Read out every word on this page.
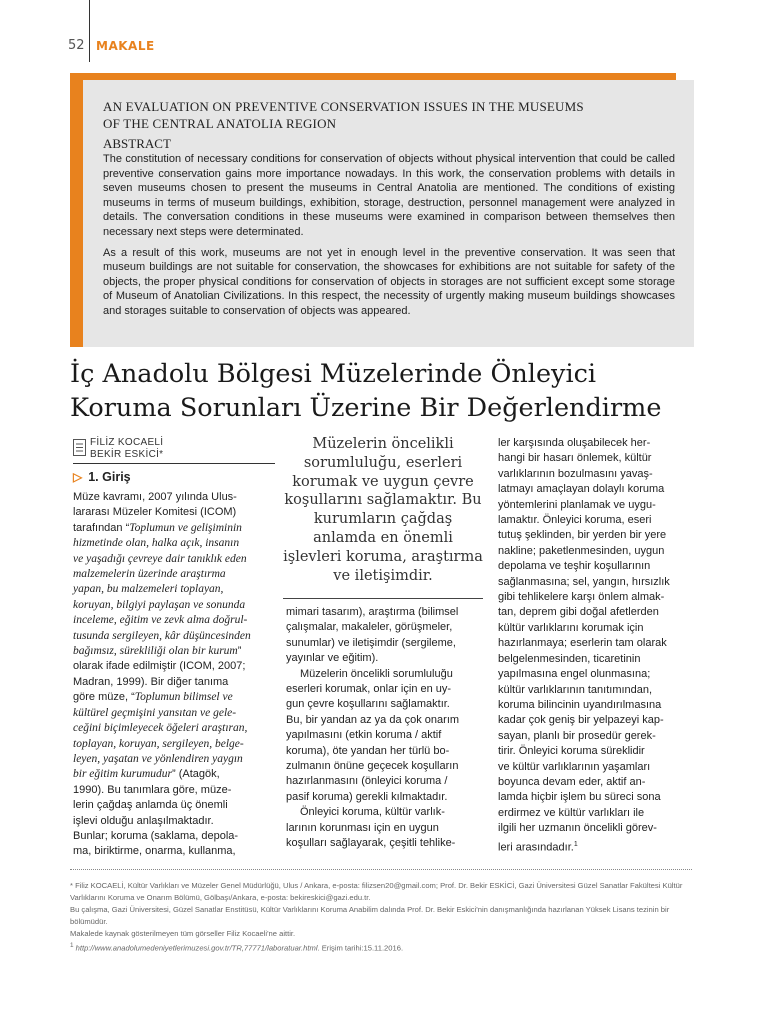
52 MAKALE

AN EVALUATION ON PREVENTIVE CONSERVATION ISSUES IN THE MUSEUMS
OF THE CENTRAL ANATOLIA REGION

ABSTRACT

The constitution of necessary conditions for conservation of objects without physical intervention that could be called preventive conservation gains more importance nowadays. In this work, the conservation problems with details in seven museums chosen to present the museums in Central Anatolia are mentioned. The conditions of existing museums in terms of museum buildings, exhibition, storage, destruction, personnel management were analyzed in details. The conversation conditions in these museums were examined in comparison between themselves then necessary next steps were determinated.

As a result of this work, museums are not yet in enough level in the preventive conservation. It was seen that museum buildings are not suitable for conservation, the showcases for exhibitions are not suitable for safety of the objects, the proper physical conditions for conservation of objects in storages are not sufficient except some storage of Museum of Anatolian Civilizations. In this respect, the necessity of urgently making museum buildings showcases and storages suitable to conservation of objects was appeared.

İç Anadolu Bölgesi Müzelerinde Önleyici
Koruma Sorunları Üzerine Bir Değerlendirme
FİLİZ KOCAELİ
BEKİR ESKİCİ*
▷ 1. Giriş
Müze kavramı, 2007 yılında Ulus-
lararası Müzeler Komitesi (ICOM)
tarafından “Toplumun ve gelişiminin
hizmetinde olan, halka açık, insanın
ve yaşadığı çevreye dair tanıklık eden
malzemelerin üzerinde araştırma
yapan, bu malzemeleri toplayan,
koruyan, bilgiyi paylaşan ve sonunda
inceleme, eğitim ve zevk alma doğrul-
tusunda sergileyen, kâr düşüncesinden
bağımsız, sürekliliği olan bir kurum”
olarak ifade edilmiştir (ICOM, 2007;
Madran, 1999). Bir diğer tanıma
göre müze, “Toplumun bilimsel ve
kültürel geçmişini yansıtan ve gele-
ceğini biçimleyecek öğeleri araştıran,
toplayan, koruyan, sergileyen, belge-
leyen, yaşatan ve yönlendiren yaygın
bir eğitim kurumudur” (Atagök,
1990). Bu tanımlara göre, müze-
lerin çağdaş anlamda üç önemli
işlevi olduğu anlaşılmaktadır.
Bunlar; koruma (saklama, depola-
ma, biriktirme, onarma, kullanma,
Müzelerin öncelikli sorumluluğu, eserleri korumak ve uygun çevre koşullarını sağlamaktır. Bu kurumların çağdaş anlamda en önemli işlevleri koruma, araştırma ve iletişimdir.
mimari tasarım), araştırma (bilimsel
çalışmalar, makaleler, görüşmeler,
sunumlar) ve iletişimdir (sergileme,
yayınlar ve eğitim).
Müzelerin öncelikli sorumluluğu
eserleri korumak, onlar için en uy-
gun çevre koşullarını sağlamaktır.
Bu, bir yandan az ya da çok onarım
yapılmasını (etkin koruma / aktif
koruma), öte yandan her türlü bo-
zulmanın önüne geçecek koşulların
hazırlanmasını (önleyici koruma /
pasif koruma) gerekli kılmaktadır.
Önleyici koruma, kültür varlık-
larının korunması için en uygun
koşulları sağlayarak, çeşitli tehlike-
ler karşısında oluşabilecek her-
hangi bir hasarı önlemek, kültür
varlıklarının bozulmasını yavaş-
latmayı amaçlayan dolaylı koruma
yöntemlerini planlamak ve uygu-
lamaktır. Önleyici koruma, eseri
tutuş şeklinden, bir yerden bir yere
nakline; paketlenmesinden, uygun
depolama ve teşhir koşullarının
sağlanmasına; sel, yangın, hırsızlık
gibi tehlikelere karşı önlem almak-
tan, deprem gibi doğal afetlerden
kültür varlıklarını korumak için
hazırlanmaya; eserlerin tam olarak
belgelenmesinden, ticaretinin
yapılmasına engel olunmasına;
kültür varlıklarının tanıtımından,
koruma bilincinin uyandırılmasına
kadar çok geniş bir yelpazeyi kap-
sayan, planlı bir prosedür gerek-
tirir. Önleyici koruma süreklidir
ve kültür varlıklarının yaşamları
boyunca devam eder, aktif an-
lamda hiçbir işlem bu süreci sona
erdirmez ve kültür varlıkları ile
ilgili her uzmanın öncelikli görev-
leri arasındadır.$^1$

* Filiz KOCAELİ, Kültür Varlıkları ve Müzeler Genel Müdürlüğü, Ulus / Ankara, e-posta: filizsen20@gmail.com; Prof. Dr. Bekir ESKİCİ, Gazi Üniversitesi Güzel Sanatlar Fakültesi Kültür Varlıklarını Koruma ve Onarım Bölümü, Gölbaşı/Ankara, e-posta: bekireskici@gazi.edu.tr.

Bu çalışma, Gazi Üniversitesi, Güzel Sanatlar Enstitüsü, Kültür Varlıklarını Koruma Anabilim dalında Prof. Dr. Bekir Eskici'nin danışmanlığında hazırlanan Yüksek Lisans tezinin bir bölümüdür.

Makalede kaynak gösterilmeyen tüm görseller Filiz Kocaeli'ne aittir.

$^1$ http://www.anadolumedeniyetlerimuzesi.gov.tr/TR,77771/laboratuar.html. Erişim tarihi:15.11.2016.
